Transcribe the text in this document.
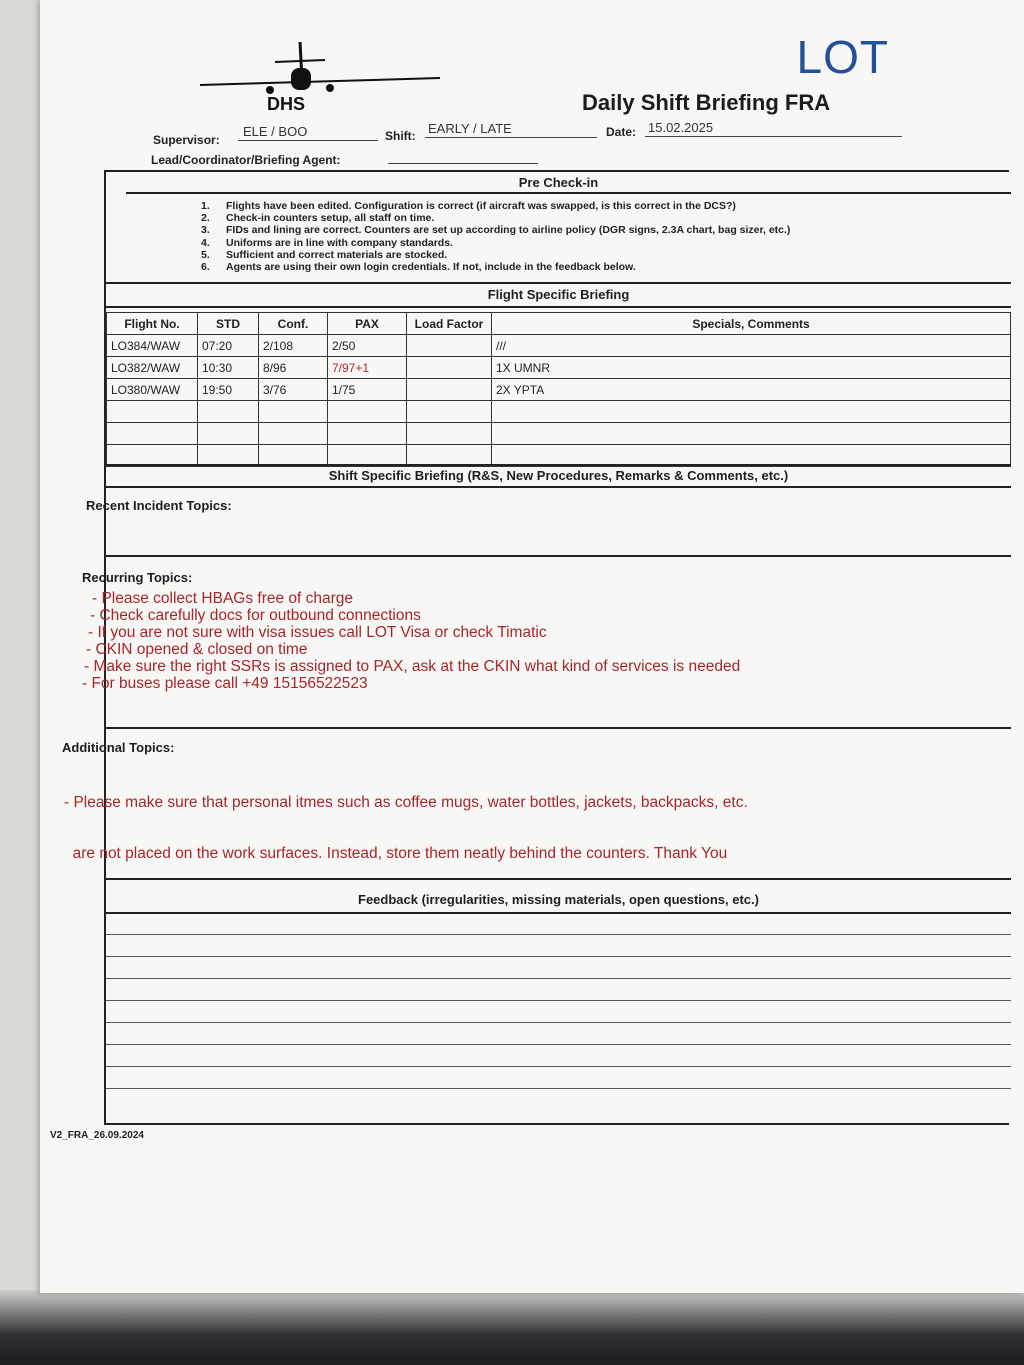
DHS
LOT
Daily Shift Briefing FRA
Supervisor:
ELE / BOO	Shift: EARLY / LATE	Date: 15.02.2025
Lead/Coordinator/Briefing Agent:
Pre Check-in
1. Flights have been edited. Configuration is correct (if aircraft was swapped, is this correct in the DCS?)
2. Check-in counters setup, all staff on time.
3. FIDs and lining are correct. Counters are set up according to airline policy (DGR signs, 2.3A chart, bag sizer, etc.)
4. Uniforms are in line with company standards.
5. Sufficient and correct materials are stocked.
6. Agents are using their own login credentials. If not, include in the feedback below.
Flight Specific Briefing
Flight No.	STD	Conf.	PAX	Load Factor	Specials, Comments
LO384/WAW	07:20	2/108	2/50		///
LO382/WAW	10:30	8/96	7/97+1		1X UMNR
LO380/WAW	19:50	3/76	1/75		2X YPTA

Shift Specific Briefing (R&S, New Procedures, Remarks & Comments, etc.)
Recent Incident Topics:
Recurring Topics:
- Please collect HBAGs free of charge
- Check carefully docs for outbound connections
- If you are not sure with visa issues call LOT Visa or check Timatic
- CKIN opened & closed on time
- Make sure the right SSRs is assigned to PAX, ask at the CKIN what kind of services is needed
- For buses please call +49 15156522523
Additional Topics:

- Please make sure that personal itmes such as coffee mugs, water bottles, jackets, backpacks, etc.

are not placed on the work surfaces. Instead, store them neatly behind the counters. Thank You

Feedback (irregularities, missing materials, open questions, etc.)
V2_FRA_26.09.2024
